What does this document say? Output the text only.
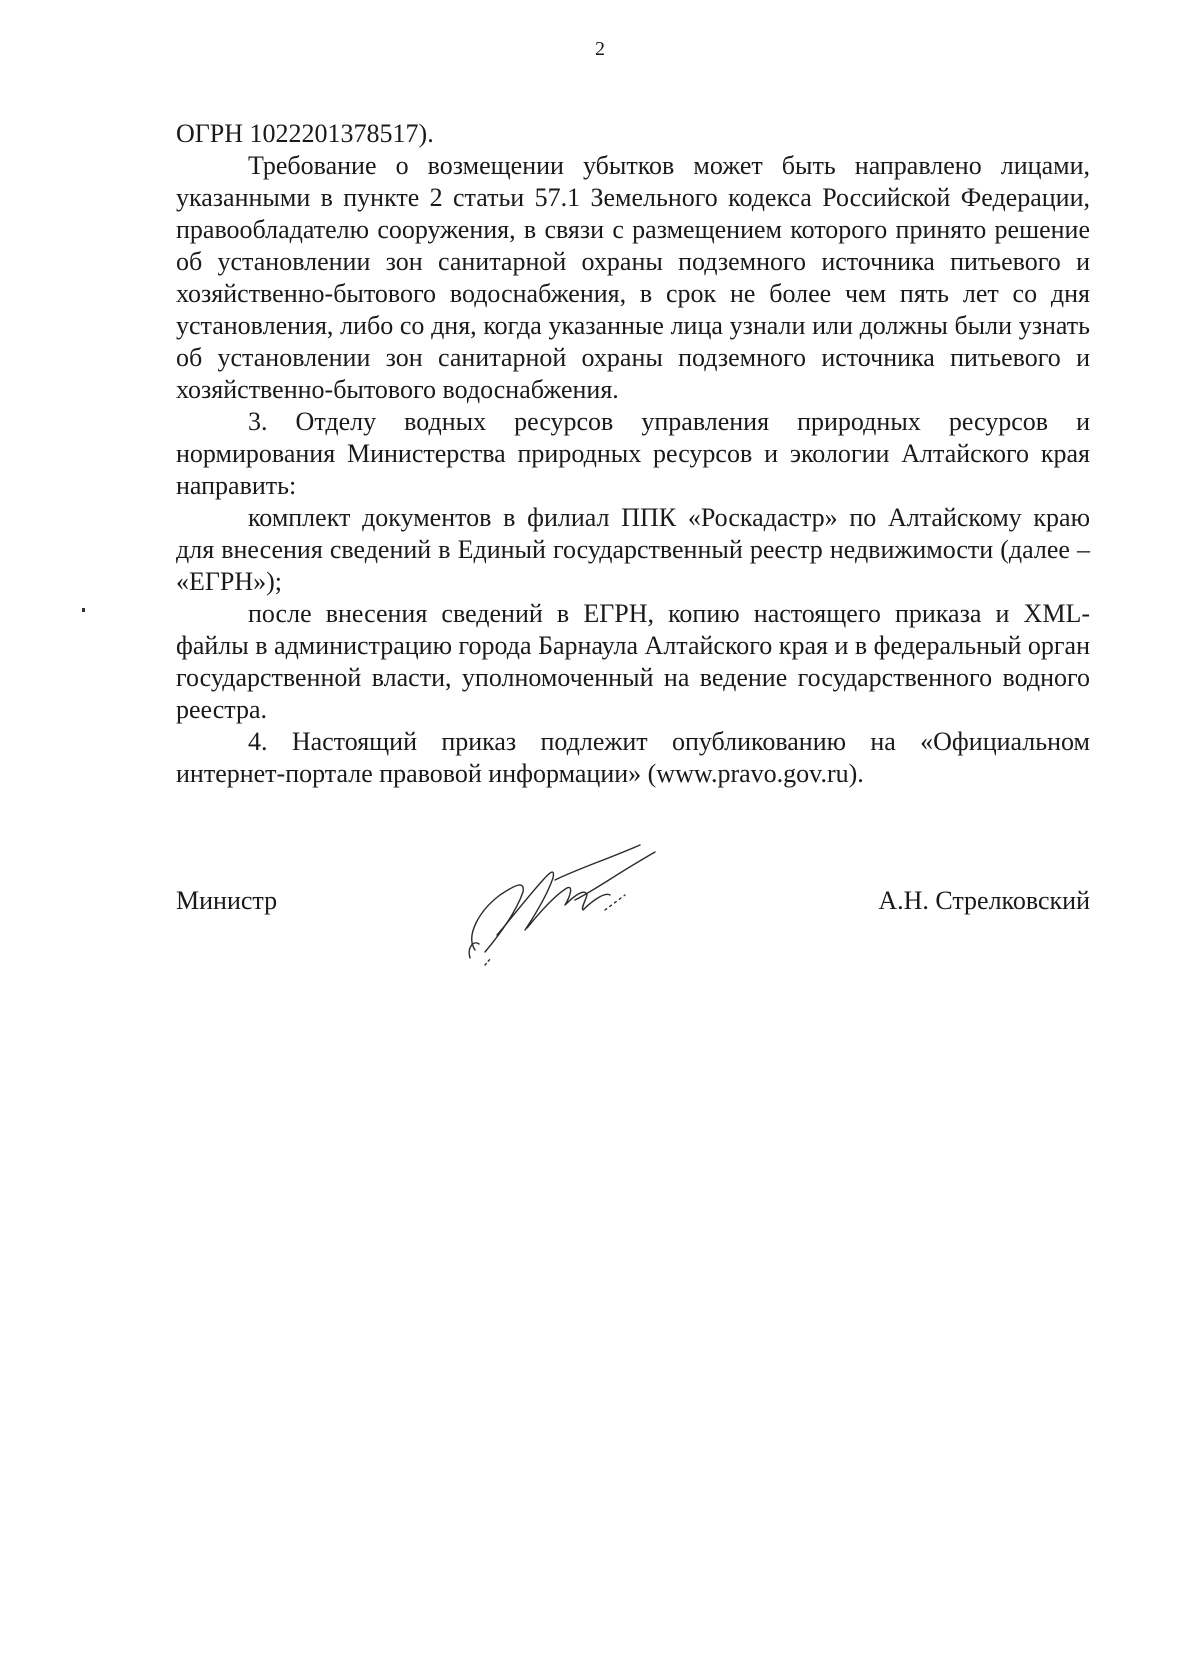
2

ОГРН 1022201378517).

Требование о возмещении убытков может быть направлено лицами, указанными в пункте 2 статьи 57.1 Земельного кодекса Российской Федерации, правообладателю сооружения, в связи с размещением которого принято решение об установлении зон санитарной охраны подземного источника питьевого и хозяйственно-бытового водоснабжения, в срок не более чем пять лет со дня установления, либо со дня, когда указанные лица узнали или должны были узнать об установлении зон санитарной охраны подземного источника питьевого и хозяйственно-бытового водоснабжения.

3. Отделу водных ресурсов управления природных ресурсов и нормирования Министерства природных ресурсов и экологии Алтайского края направить:

комплект документов в филиал ППК «Роскадастр» по Алтайскому краю для внесения сведений в Единый государственный реестр недвижимости (далее – «ЕГРН»);

после внесения сведений в ЕГРН, копию настоящего приказа и XML-файлы в администрацию города Барнаула Алтайского края и в федеральный орган государственной власти, уполномоченный на ведение государственного водного реестра.

4. Настоящий приказ подлежит опубликованию на «Официальном интернет-портале правовой информации» (www.pravo.gov.ru).

Министр	А.Н. Стрелковский
